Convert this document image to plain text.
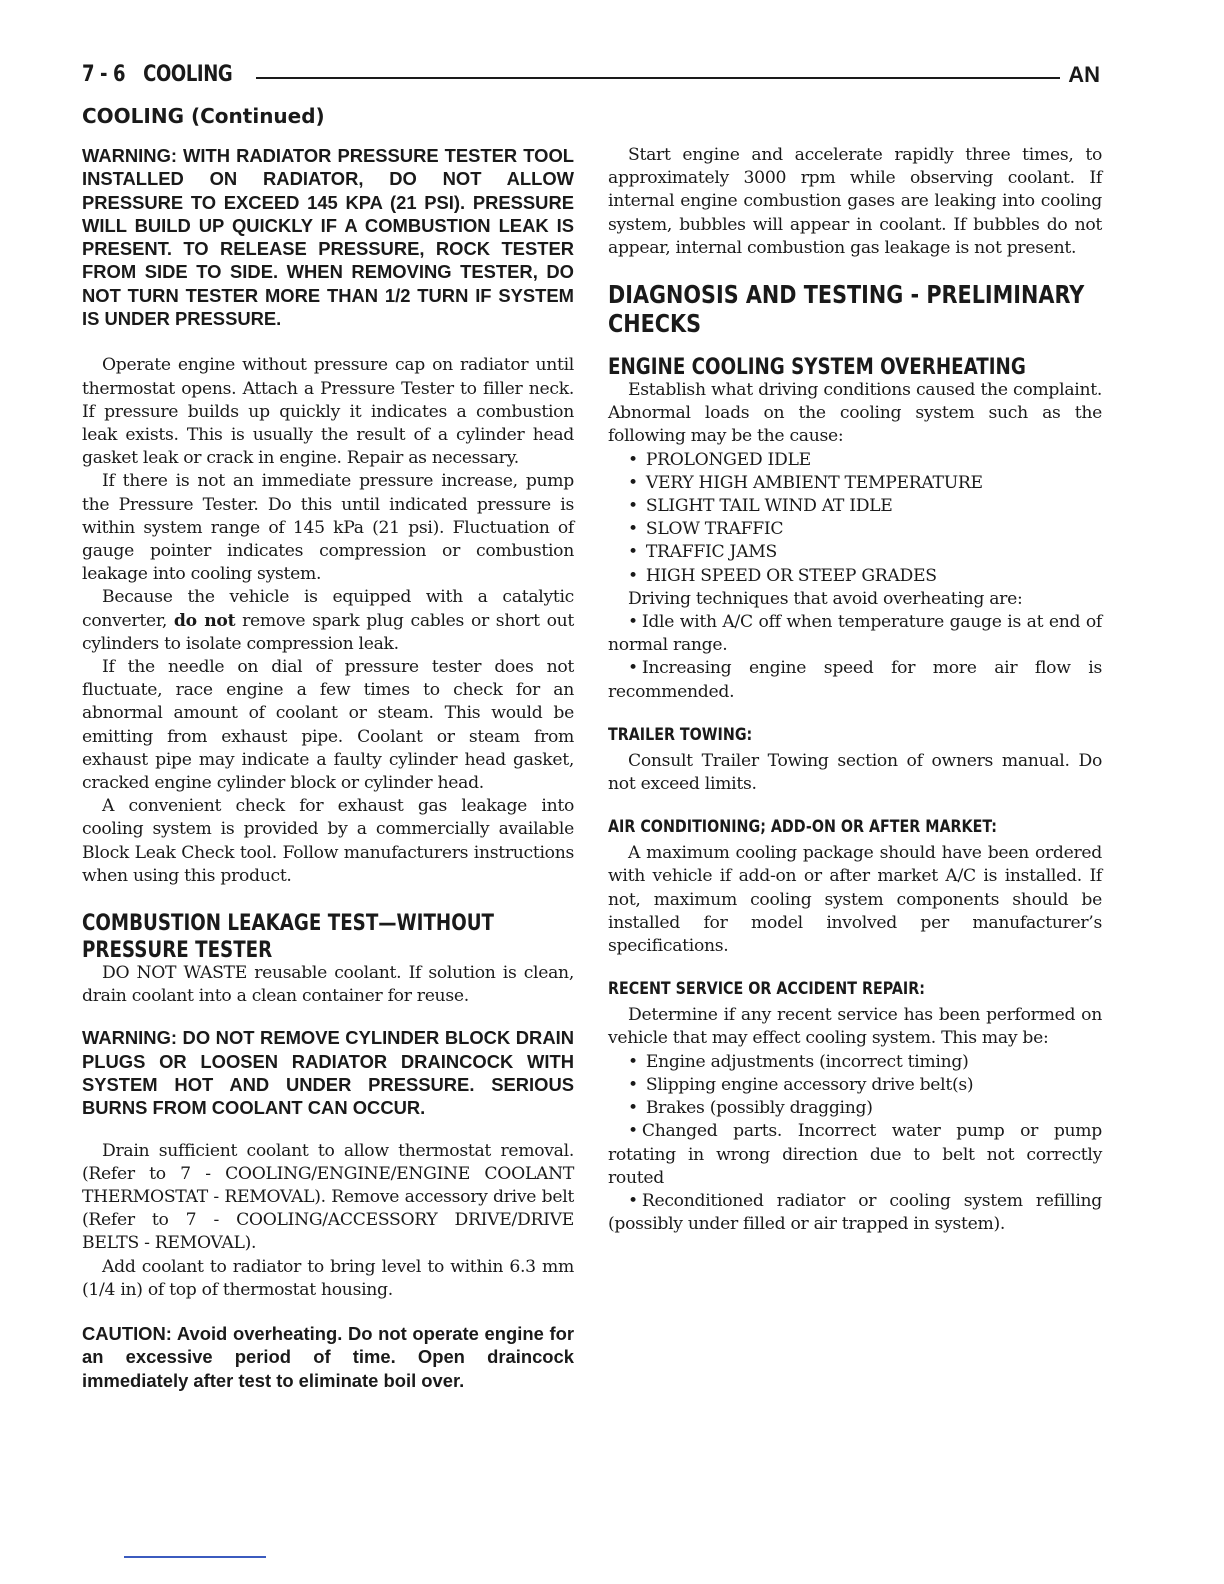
7 - 6 COOLING	AN
COOLING (Continued)

WARNING: WITH RADIATOR PRESSURE TESTER TOOL INSTALLED ON RADIATOR, DO NOT ALLOW PRESSURE TO EXCEED 145 KPA (21 PSI). PRESSURE WILL BUILD UP QUICKLY IF A COMBUSTION LEAK IS PRESENT. TO RELEASE PRESSURE, ROCK TESTER FROM SIDE TO SIDE. WHEN REMOVING TESTER, DO NOT TURN TESTER MORE THAN 1/2 TURN IF SYSTEM IS UNDER PRESSURE.

Operate engine without pressure cap on radiator until thermostat opens. Attach a Pressure Tester to filler neck. If pressure builds up quickly it indicates a combustion leak exists. This is usually the result of a cylinder head gasket leak or crack in engine. Repair as necessary.

If there is not an immediate pressure increase, pump the Pressure Tester. Do this until indicated pressure is within system range of 145 kPa (21 psi). Fluctuation of gauge pointer indicates compression or combustion leakage into cooling system.

Because the vehicle is equipped with a catalytic converter, do not remove spark plug cables or short out cylinders to isolate compression leak.

If the needle on dial of pressure tester does not fluctuate, race engine a few times to check for an abnormal amount of coolant or steam. This would be emitting from exhaust pipe. Coolant or steam from exhaust pipe may indicate a faulty cylinder head gasket, cracked engine cylinder block or cylinder head.

A convenient check for exhaust gas leakage into cooling system is provided by a commercially available Block Leak Check tool. Follow manufacturers instructions when using this product.

COMBUSTION LEAKAGE TEST—WITHOUT
PRESSURE TESTER

DO NOT WASTE reusable coolant. If solution is clean, drain coolant into a clean container for reuse.

WARNING: DO NOT REMOVE CYLINDER BLOCK DRAIN PLUGS OR LOOSEN RADIATOR DRAINCOCK WITH SYSTEM HOT AND UNDER PRESSURE. SERIOUS BURNS FROM COOLANT CAN OCCUR.

Drain sufficient coolant to allow thermostat removal. (Refer to 7 - COOLING/ENGINE/ENGINE COOLANT THERMOSTAT - REMOVAL). Remove accessory drive belt (Refer to 7 - COOLING/ACCESSORY DRIVE/DRIVE BELTS - REMOVAL).

Add coolant to radiator to bring level to within 6.3 mm (1/4 in) of top of thermostat housing.

CAUTION: Avoid overheating. Do not operate engine for an excessive period of time. Open draincock immediately after test to eliminate boil over.

Start engine and accelerate rapidly three times, to approximately 3000 rpm while observing coolant. If internal engine combustion gases are leaking into cooling system, bubbles will appear in coolant. If bubbles do not appear, internal combustion gas leakage is not present.

DIAGNOSIS AND TESTING - PRELIMINARY
CHECKS
ENGINE COOLING SYSTEM OVERHEATING

Establish what driving conditions caused the complaint. Abnormal loads on the cooling system such as the following may be the cause:

• PROLONGED IDLE
• VERY HIGH AMBIENT TEMPERATURE
• SLIGHT TAIL WIND AT IDLE
• SLOW TRAFFIC
• TRAFFIC JAMS
• HIGH SPEED OR STEEP GRADES

Driving techniques that avoid overheating are:

• Idle with A/C off when temperature gauge is at end of normal range.

• Increasing engine speed for more air flow is recommended.

TRAILER TOWING:

Consult Trailer Towing section of owners manual. Do not exceed limits.

AIR CONDITIONING; ADD-ON OR AFTER MARKET:

A maximum cooling package should have been ordered with vehicle if add-on or after market A/C is installed. If not, maximum cooling system components should be installed for model involved per manufacturer’s specifications.

RECENT SERVICE OR ACCIDENT REPAIR:

Determine if any recent service has been performed on vehicle that may effect cooling system. This may be:

• Engine adjustments (incorrect timing)
• Slipping engine accessory drive belt(s)
• Brakes (possibly dragging)

• Changed parts. Incorrect water pump or pump rotating in wrong direction due to belt not correctly routed

• Reconditioned radiator or cooling system refilling (possibly under filled or air trapped in system).
